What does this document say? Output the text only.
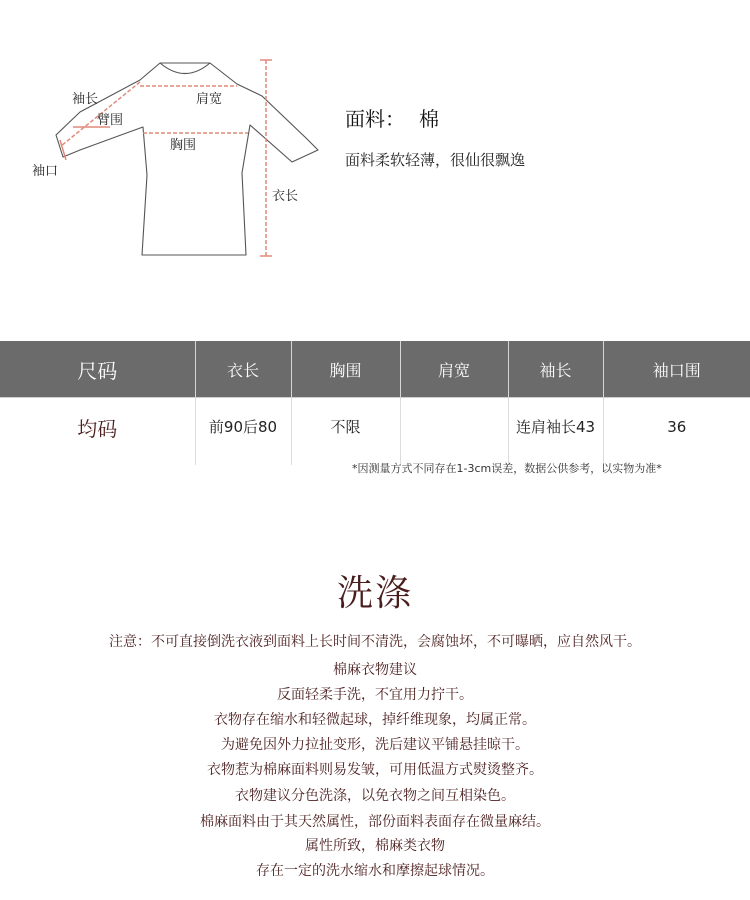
袖长
臂围
肩宽
胸围
袖口
衣长
面料： 棉
面料柔软轻薄，很仙很飘逸
尺码	衣长	胸围	肩宽	袖长	袖口围
均码	前90后80	不限		连肩袖长43	36
*因测量方式不同存在1-3cm误差，数据公供参考，以实物为准*
洗涤
注意：不可直接倒洗衣液到面料上长时间不清洗，会腐蚀坏，不可曝晒，应自然风干。
棉麻衣物建议
反面轻柔手洗，不宜用力拧干。
衣物存在缩水和轻微起球，掉纤维现象，均属正常。
为避免因外力拉扯变形，洗后建议平铺悬挂晾干。
衣物惹为棉麻面料则易发皱，可用低温方式熨烫整齐。
衣物建议分色洗涤，以免衣物之间互相染色。
棉麻面料由于其天然属性，部份面料表面存在微量麻结。
属性所致，棉麻类衣物
存在一定的洗水缩水和摩擦起球情况。
